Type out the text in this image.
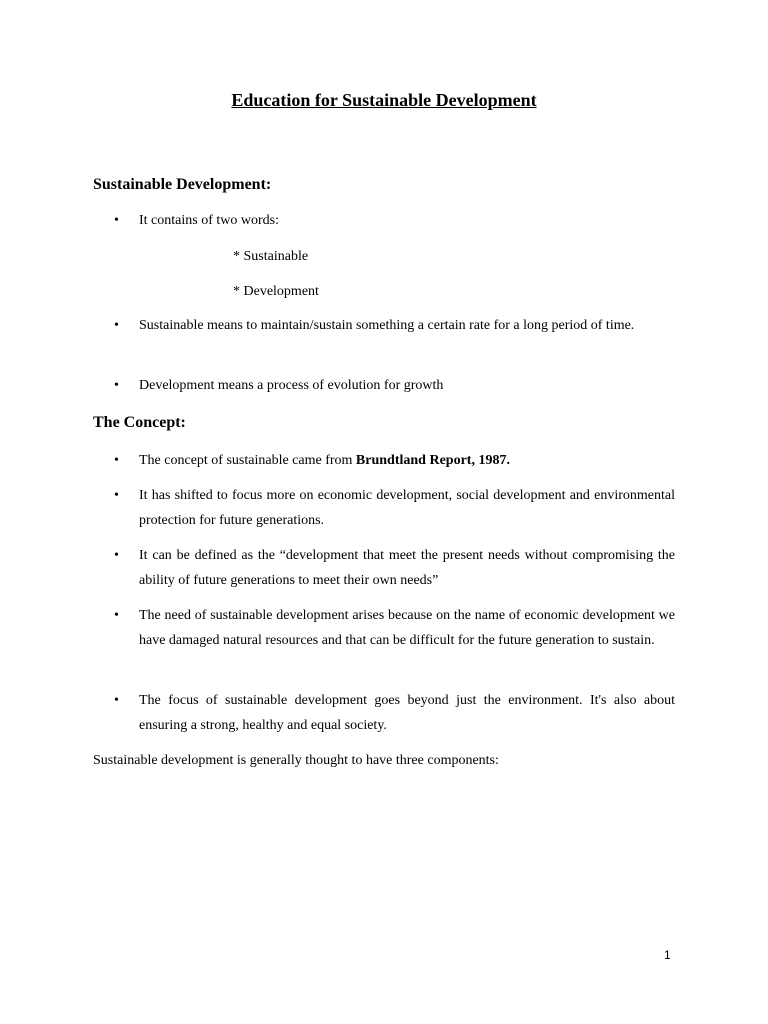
Education for Sustainable Development
Sustainable Development:
•	It contains of two words:
* Sustainable
* Development
•	Sustainable means to maintain/sustain something a certain rate for a long period of time.
•	Development means a process of evolution for growth
The Concept:
•	The concept of sustainable came from Brundtland Report, 1987.
•	It has shifted to focus more on economic development, social development and environmental protection for future generations.
•	It can be defined as the “development that meet the present needs without compromising the ability of future generations to meet their own needs”
•	The need of sustainable development arises because on the name of economic development we have damaged natural resources and that can be difficult for the future generation to sustain.
•	The focus of sustainable development goes beyond just the environment. It's also about ensuring a strong, healthy and equal society.
Sustainable development is generally thought to have three components:
1
